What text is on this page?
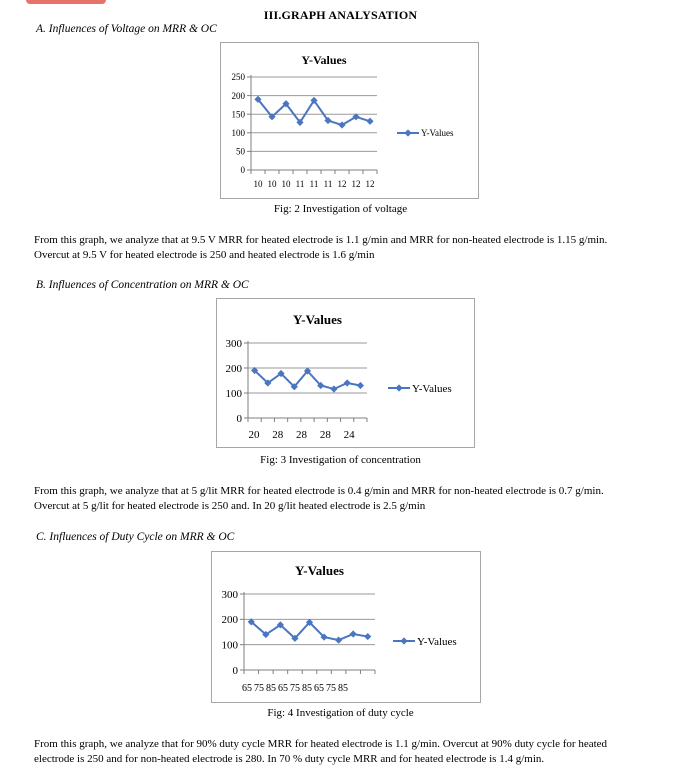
III.GRAPH ANALYSATION
A. Influences of Voltage on MRR & OC
Y-Values
0
50
100
150
200
250
10 10 10 11 11 11 12 12 12
Y-Values
Fig: 2 Investigation of voltage
From this graph, we analyze that at 9.5 V MRR for heated electrode is 1.1 g/min and MRR for non-heated electrode is 1.15 g/min.
Overcut at 9.5 V for heated electrode is 250 and heated electrode is 1.6 g/min
B. Influences of Concentration on MRR & OC
Y-Values
0
100
200
300
20 28 28 28 24
Y-Values
Fig: 3 Investigation of concentration
From this graph, we analyze that at 5 g/lit MRR for heated electrode is 0.4 g/min and MRR for non-heated electrode is 0.7 g/min.
Overcut at 5 g/lit for heated electrode is 250 and. In 20 g/lit heated electrode is 2.5 g/min
C. Influences of Duty Cycle on MRR & OC
Y-Values
0
100
200
300
65 75 85 65 75 85 65 75 85
Y-Values
Fig: 4 Investigation of duty cycle
From this graph, we analyze that for 90% duty cycle MRR for heated electrode is 1.1 g/min. Overcut at 90% duty cycle for heated
electrode is 250 and for non-heated electrode is 280. In 70 % duty cycle MRR and for heated electrode is 1.4 g/min.
